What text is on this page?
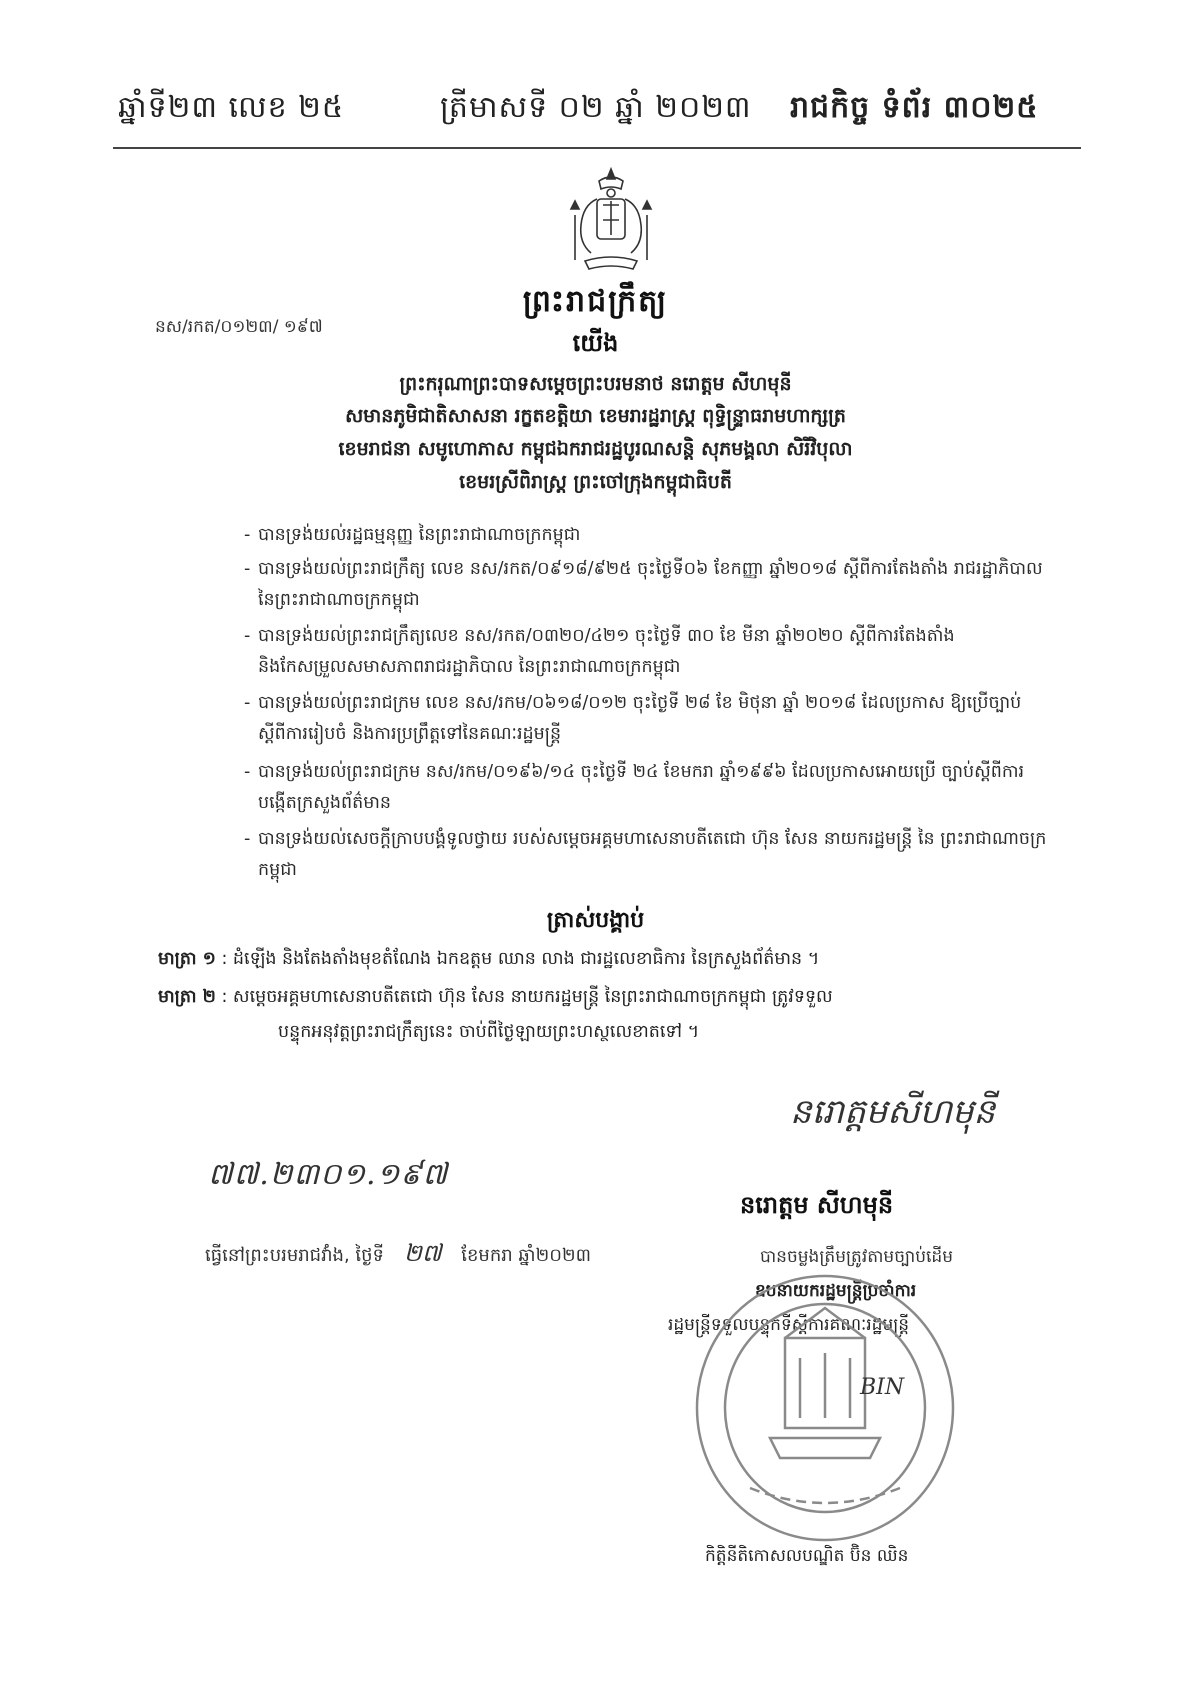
ឆ្នាំទី២៣ លេខ ២៥	ត្រីមាសទី ០២ ឆ្នាំ ២០២៣ រាជកិច្ច ទំព័រ ៣០២៥
ព្រះរាជក្រឹត្យ
នស/រកត/០១២៣/ ១៩៧
យើង
ព្រះករុណាព្រះបាទសម្ដេចព្រះបរមនាថ នរោត្តម សីហមុនី
សមានភូមិជាតិសាសនា រក្ខតខត្តិយា ខេមរារដ្ឋរាស្ត្រ ពុទ្ធិន្ទ្រាធរាមហាក្សត្រ
ខេមរាជនា សមូហោភាស កម្ពុជឯករាជរដ្ឋបូរណសន្តិ សុភមង្គលា សិរីវិបុលា
ខេមរស្រីពិរាស្ត្រ ព្រះចៅក្រុងកម្ពុជាធិបតី
- បានទ្រង់យល់រដ្ឋធម្មនុញ្ញ នៃព្រះរាជាណាចក្រកម្ពុជា
- បានទ្រង់យល់ព្រះរាជក្រឹត្យ លេខ នស/រកត/០៩១៨/៩២៥ ចុះថ្ងៃទី០៦ ខែកញ្ញា ឆ្នាំ២០១៨ ស្ដីពីការតែងតាំង រាជរដ្ឋាភិបាល នៃព្រះរាជាណាចក្រកម្ពុជា
- បានទ្រង់យល់ព្រះរាជក្រឹត្យលេខ នស/រកត/០៣២០/៤២១ ចុះថ្ងៃទី ៣០ ខែ មីនា ឆ្នាំ២០២០ ស្ដីពីការតែងតាំង និងកែសម្រួលសមាសភាពរាជរដ្ឋាភិបាល នៃព្រះរាជាណាចក្រកម្ពុជា
- បានទ្រង់យល់ព្រះរាជក្រម លេខ នស/រកម/០៦១៨/០១២ ចុះថ្ងៃទី ២៨ ខែ មិថុនា ឆ្នាំ ២០១៨ ដែលប្រកាស ឱ្យប្រើច្បាប់ស្ដីពីការរៀបចំ និងការប្រព្រឹត្តទៅនៃគណៈរដ្ឋមន្ត្រី
- បានទ្រង់យល់ព្រះរាជក្រម នស/រកម/០១៩៦/១៤ ចុះថ្ងៃទី ២៤ ខែមករា ឆ្នាំ១៩៩៦ ដែលប្រកាសអោយប្រើ ច្បាប់ស្ដីពីការបង្កើតក្រសួងព័ត៌មាន
- បានទ្រង់យល់សេចក្ដីក្រាបបង្គំទូលថ្វាយ របស់សម្ដេចអគ្គមហាសេនាបតីតេជោ ហ៊ុន សែន នាយករដ្ឋមន្ត្រី នៃ ព្រះរាជាណាចក្រកម្ពុជា
ត្រាស់បង្គាប់
មាត្រា ១ : ដំឡើង និងតែងតាំងមុខតំណែង ឯកឧត្តម ឈាន លាង ជារដ្ឋលេខាធិការ នៃក្រសួងព័ត៌មាន ។
មាត្រា ២ : សម្ដេចអគ្គមហាសេនាបតីតេជោ ហ៊ុន សែន នាយករដ្ឋមន្ត្រី នៃព្រះរាជាណាចក្រកម្ពុជា ត្រូវទទួល
បន្ទុកអនុវត្តព្រះរាជក្រឹត្យនេះ ចាប់ពីថ្ងៃឡាយព្រះហស្ថលេខាតទៅ ។
៧៧.២៣០១.១៩៧
ធ្វើនៅព្រះបរមរាជវាំង, ថ្ងៃទី ២៧ ខែមករា ឆ្នាំ២០២៣
នរោត្តមសីហមុនី
នរោត្តម សីហមុនី
បានចម្លងត្រឹមត្រូវតាមច្បាប់ដើម
ឧបនាយករដ្ឋមន្ត្រីប្រចាំការ
រដ្ឋមន្ត្រីទទួលបន្ទុកទីស្ដីការគណៈរដ្ឋមន្ត្រី
BIN
កិត្តិនីតិកោសលបណ្ឌិត ប៊ិន ឈិន
